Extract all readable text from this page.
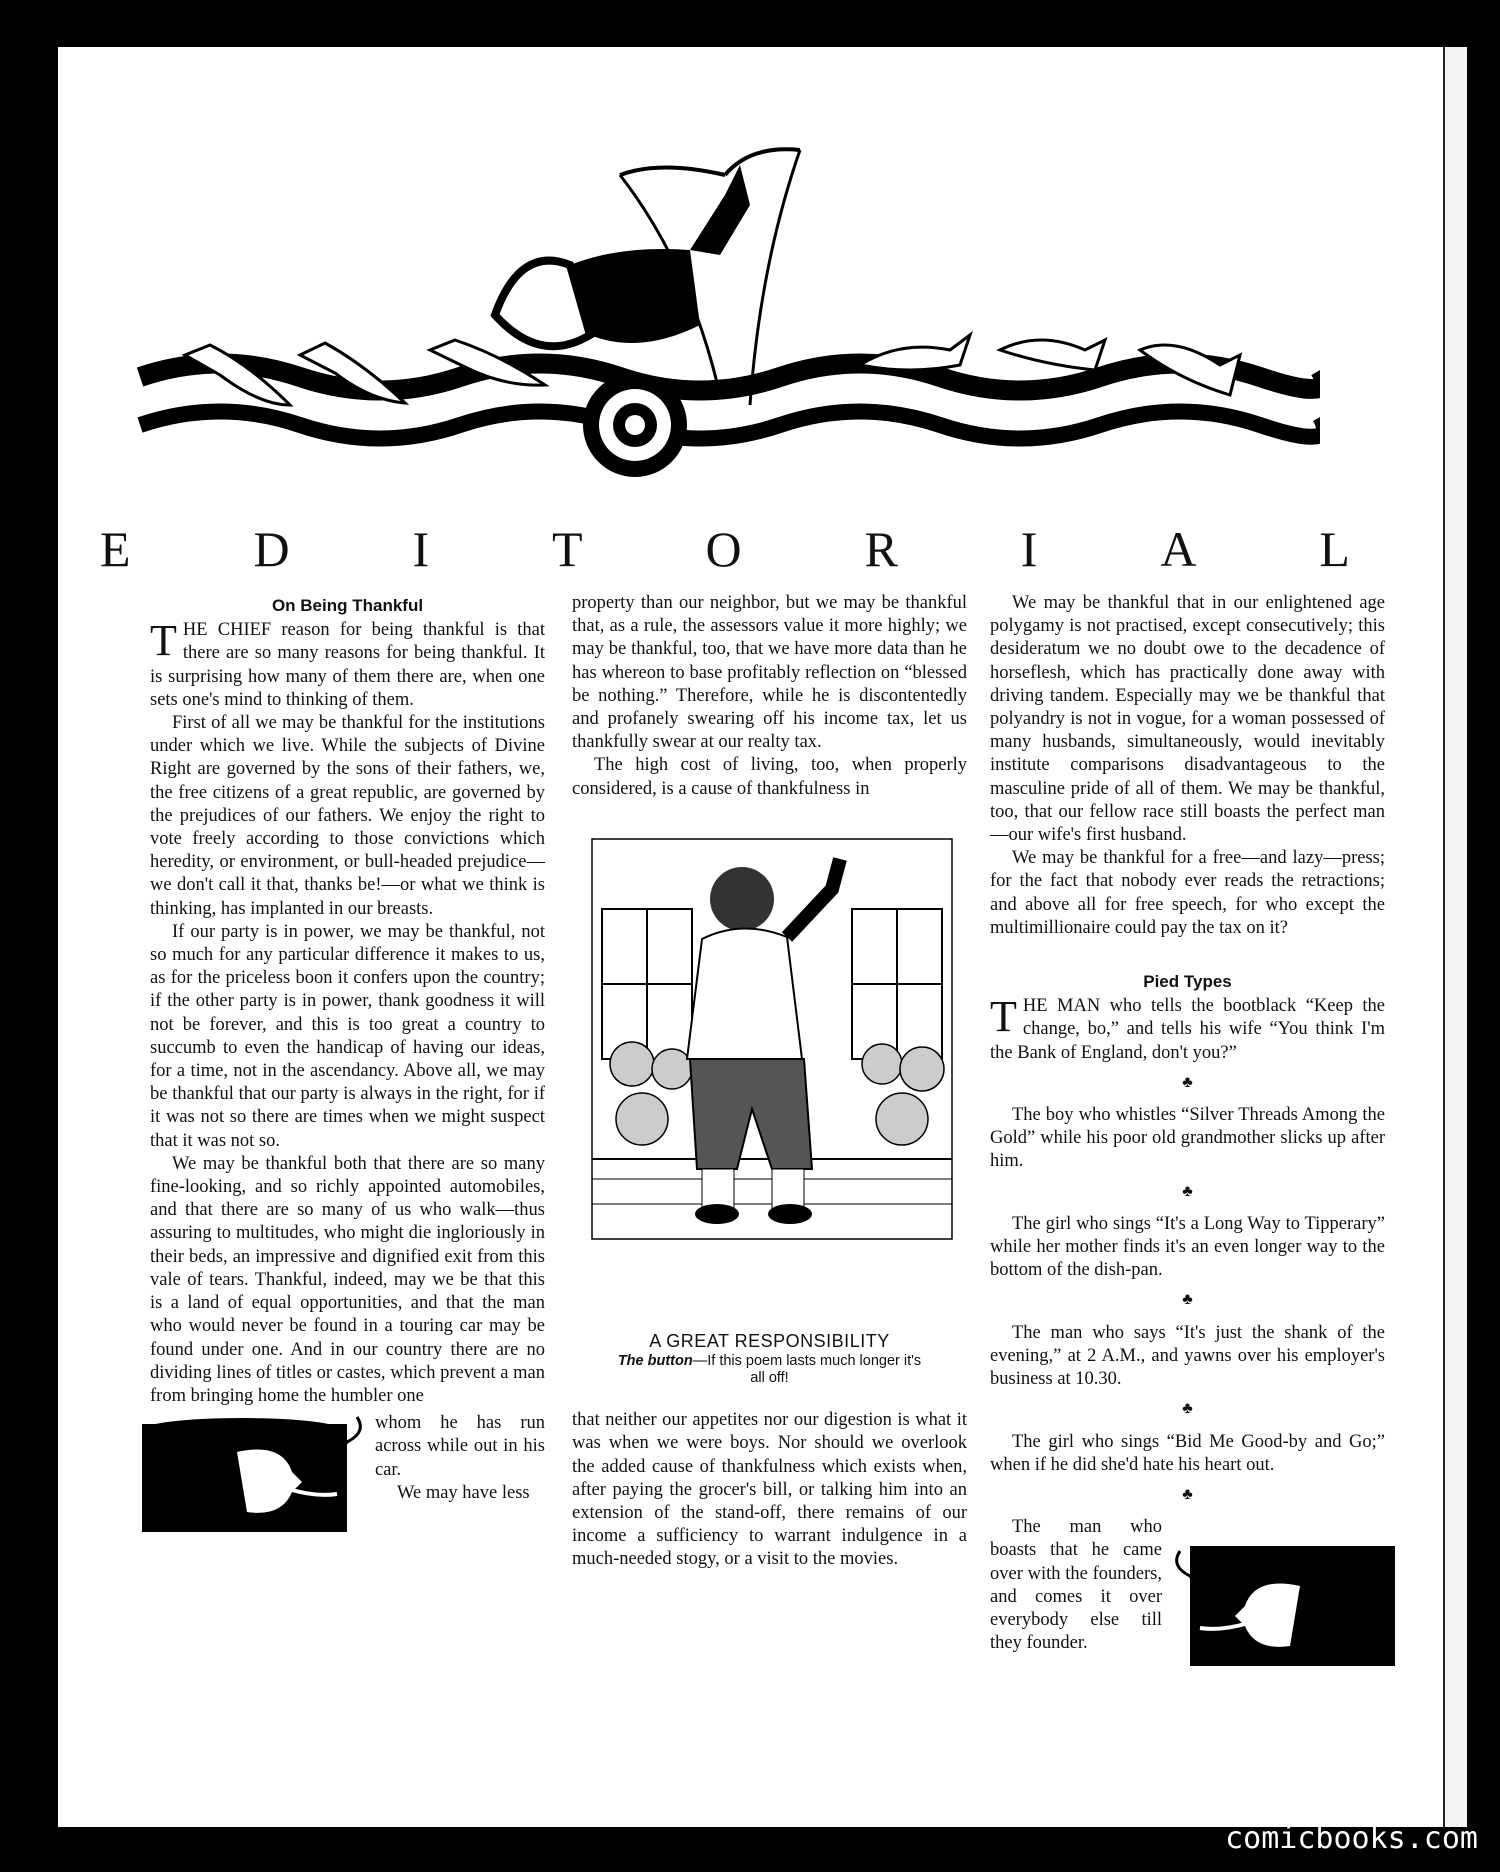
E D I T O R I A L
On Being Thankful

THE CHIEF reason for being thankful is that there are so many reasons for being thankful. It is surprising how many of them there are, when one sets one's mind to thinking of them.

First of all we may be thankful for the institutions under which we live. While the subjects of Divine Right are governed by the sons of their fathers, we, the free citizens of a great republic, are governed by the prejudices of our fathers. We enjoy the right to vote freely according to those convictions which heredity, or environment, or bull-headed prejudice—we don't call it that, thanks be!—or what we think is thinking, has implanted in our breasts.

If our party is in power, we may be thankful, not so much for any particular difference it makes to us, as for the priceless boon it confers upon the country; if the other party is in power, thank goodness it will not be forever, and this is too great a country to succumb to even the handicap of having our ideas, for a time, not in the ascendancy. Above all, we may be thankful that our party is always in the right, for if it was not so there are times when we might suspect that it was not so.

We may be thankful both that there are so many fine-looking, and so richly appointed automobiles, and that there are so many of us who walk—thus assuring to multitudes, who might die ingloriously in their beds, an impressive and dignified exit from this vale of tears. Thankful, indeed, may we be that this is a land of equal opportunities, and that the man who would never be found in a touring car may be found under one. And in our country there are no dividing lines of titles or castes, which prevent a man from bringing home the humbler one

whom he has run across while out in his car.

We may have less

property than our neighbor, but we may be thankful that, as a rule, the assessors value it more highly; we may be thankful, too, that we have more data than he has whereon to base profitably reflection on “blessed be nothing.” Therefore, while he is discontentedly and profanely swearing off his income tax, let us thankfully swear at our realty tax.

The high cost of living, too, when properly considered, is a cause of thankfulness in

A GREAT RESPONSIBILITY
The button—If this poem lasts much longer it's all off!

that neither our appetites nor our digestion is what it was when we were boys. Nor should we overlook the added cause of thankfulness which exists when, after paying the grocer's bill, or talking him into an extension of the stand-off, there remains of our income a sufficiency to warrant indulgence in a much-needed stogy, or a visit to the movies.

We may be thankful that in our enlightened age polygamy is not practised, except consecutively; this desideratum we no doubt owe to the decadence of horseflesh, which has practically done away with driving tandem. Especially may we be thankful that polyandry is not in vogue, for a woman possessed of many husbands, simultaneously, would inevitably institute comparisons disadvantageous to the masculine pride of all of them. We may be thankful, too, that our fellow race still boasts the perfect man—our wife's first husband.

We may be thankful for a free—and lazy—press; for the fact that nobody ever reads the retractions; and above all for free speech, for who except the multimillionaire could pay the tax on it?

Pied Types

THE MAN who tells the bootblack “Keep the change, bo,” and tells his wife “You think I'm the Bank of England, don't you?”

♣

The boy who whistles “Silver Threads Among the Gold” while his poor old grandmother slicks up after him.

♣

The girl who sings “It's a Long Way to Tipperary” while her mother finds it's an even longer way to the bottom of the dish-pan.

♣

The man who says “It's just the shank of the evening,” at 2 A.M., and yawns over his employer's business at 10.30.

♣

The girl who sings “Bid Me Good-by and Go;” when if he did she'd hate his heart out.

♣

The man who boasts that he came over with the founders, and comes it over everybody else till they founder.

comicbooks.com
